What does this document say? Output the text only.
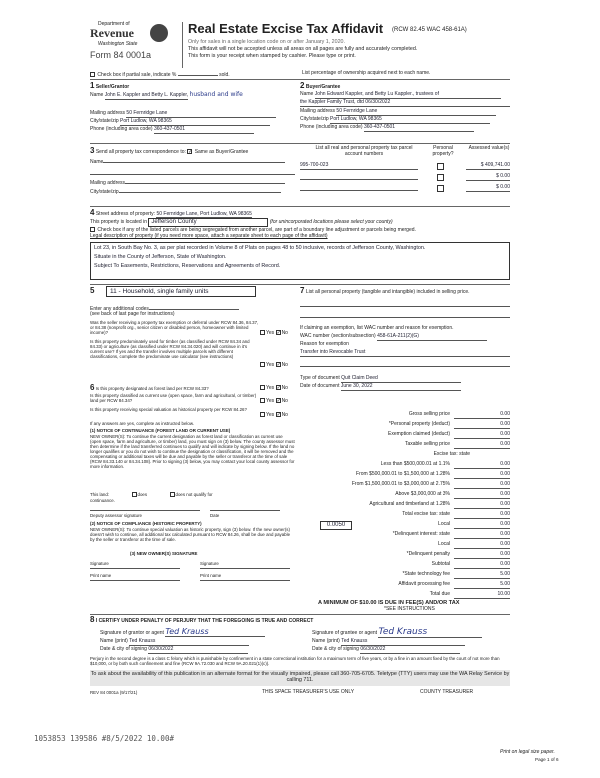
Department of
Revenue
Washington State
Form 84 0001a
Real Estate Excise Tax Affidavit (RCW 82.45 WAC 458-61A)
Only for sales in a single location code on or after January 1, 2020.
This affidavit will not be accepted unless all areas on all pages are fully and accurately completed.
This form is your receipt when stamped by cashier. Please type or print.
Check box if partial sale, indicate %	sold.	List percentage of ownership acquired next to each name.
1 Seller/Grantor
Name John E. Kappler and Betty L. Kappler, husband and wife
Mailing address 50 Fernridge Lane
City/state/zip Port Ludlow, WA 98365
Phone (including area code) 360-437-0501
2 Buyer/Grantee
Name John Edward Kappler, and Betty Lu Kappler., trustees of
the Kappler Family Trust, dtd 06/30/2022
Mailing address 50 Fernridge Lane
City/state/zip Port Ludlow, WA 98365
Phone (including area code) 360-437-0501
3 Send all property tax correspondence to: ✓ Same as Buyer/Grantee
Name
Mailing address
City/state/zip
List all real and personal property tax parcel account numbers
Personal property?
Assessed value(s)
995-700-023	$ 409,741.00
$ 0.00
$ 0.00
4 Street address of property: 50 Fernridge Lane, Port Ludlow, WA 98365
This property is located in Jefferson County	(for unincorporated locations please select your county)
Check box if any of the listed parcels are being segregated from another parcel, are part of a boundary line adjustment or parcels being merged.
Legal description of property (if you need more space, attach a separate sheet to each page of the affidavit)
Lot 23, in South Bay No. 3, as per plat recorded in Volume 8 of Plats on pages 48 to 50 inclusive, records of Jefferson County, Washington.
Situate in the County of Jefferson, State of Washington.
Subject To Easements, Restrictions, Reservations and Agreements of Record.
5	11 - Household, single family units
Enter any additional codes
(see back of last page for instructions)
Was the seller receiving a property tax exemption or deferral under RCW 84.36, 84.37, or 84.38 (nonprofit org., senior citizen or disabled person, homeowner with limited income)?	Yes ✓ No
Is this property predominately used for timber (as classified under RCW 84.34 and 84.33) or agriculture (as classified under RCW 84.34.020) and will continue in it's current use? If yes and the transfer involves multiple parcels with different classifications, complete the predominate use calculator (see instructions)
Yes ✓ No
6 Is this property designated as forest land per RCW 84.33?	Yes ✓ No
Is this property classified as current use (open space, farm and agricultural, or timber) land per RCW 84.34?	Yes ✓ No
Is this property receiving special valuation as historical property per RCW 84.26?
Yes ✓ No
If any answers are yes, complete as instructed below.
(1) NOTICE OF CONTINUANCE (FOREST LAND OR CURRENT USE)
NEW OWNER(S): To continue the current designation as forest land or classification as current use (open space, farm and agriculture, or timber) land, you must sign on (3) below. The county assessor must then determine if the land transferred continues to qualify and will indicate by signing below. If the land no longer qualifies or you do not wish to continue the designation or classification, it will be removed and the compensating or additional taxes will be due and payable by the seller or transferor at the time of sale (RCW 84.33.140 or 84.34.108). Prior to signing (3) below, you may contact your local county assessor for more information.
This land:	does	does not qualify for
continuance.
Deputy assessor signature	Date
(2) NOTICE OF COMPLIANCE (HISTORIC PROPERTY)
NEW OWNER(S): To continue special valuation as historic property, sign (3) below. If the new owner(s) doesn't wish to continue, all additional tax calculated pursuant to RCW 84.26, shall be due and payable by the seller or transferor at the time of sale.
(3) NEW OWNER(S) SIGNATURE
Signature	Signature
Print name	Print name
7 List all personal property (tangible and intangible) included in selling price.
If claiming an exemption, list WAC number and reason for exemption.
WAC number (section/subsection) 458-61A-211(2)(G)
Reason for exemption
Transfer into Revocable Trust
Type of document Quit Claim Deed
Date of document June 30, 2022
Gross selling price	0.00
*Personal property (deduct)	0.00
Exemption claimed (deduct)	0.00
Taxable selling price	0.00
Excise tax: state
Less than $500,000.01 at 1.1%	0.00
From $500,000.01 to $1,500,000 at 1.28%	0.00
From $1,500,000.01 to $3,000,000 at 2.75%	0.00
Above $3,000,000 at 3%	0.00
Agricultural and timberland at 1.28%	0.00
Total excise tax: state	0.00
0.0050	Local	0.00
*Delinquent interest: state	0.00
Local	0.00
*Delinquent penalty	0.00
Subtotal	0.00
*State technology fee	5.00
Affidavit processing fee	5.00
Total due	10.00
A MINIMUM OF $10.00 IS DUE IN FEE(S) AND/OR TAX
*SEE INSTRUCTIONS
8 I CERTIFY UNDER PENALTY OF PERJURY THAT THE FOREGOING IS TRUE AND CORRECT
Signature of grantor or agent Ted Krauss
Name (print) Ted Knauss
Date & city of signing 06/30/2022
Signature of grantee or agent Ted Krauss
Name (print) Ted Knauss
Date & city of signing 06/30/2022
Perjury in the second degree is a class C felony which is punishable by confinement in a state correctional institution for a maximum term of five years, or by a fine in an amount fixed by the court of not more than $10,000, or by both such confinement and fine (RCW 9A.72.030 and RCW 9A.20.021(1)(c)).
To ask about the availability of this publication in an alternate format for the visually impaired, please call 360-705-6705. Teletype (TTY) users may use the WA Relay Service by calling 711.
REV 84 0001a (9/17/21)	THIS SPACE TREASURER'S USE ONLY	COUNTY TREASURER
1053853 139586 #8/5/2022 10.00#
Print on legal size paper.
Page 1 of 6
